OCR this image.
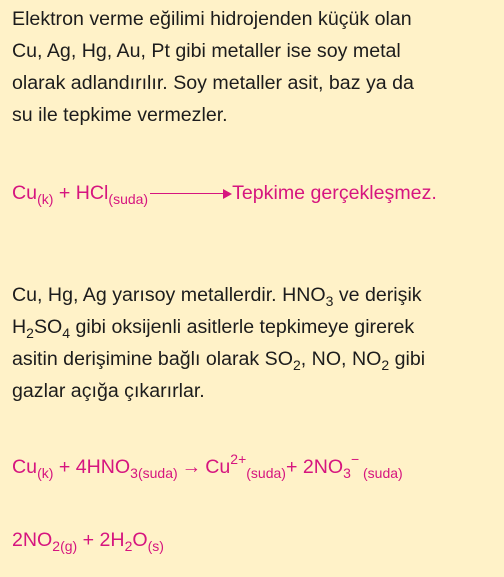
Elektron verme eğilimi hidrojenden küçük olan
Cu, Ag, Hg, Au, Pt gibi metaller ise soy metal
olarak adlandırılır. Soy metaller asit, baz ya da
su ile tepkime vermezler.
$Cu_{(k)} + HCl_{(suda)}$	Tepkime gerçekleşmez.
Cu, Hg, Ag yarısoy metallerdir. $HNO_3$ ve derişik
$H_2SO_4$ gibi oksijenli asitlerle tepkimeye girerek
asitin derişimine bağlı olarak $SO_2$, NO, $NO_2$ gibi
gazlar açığa çıkarırlar.
$Cu_{(k)} + 4HNO_{3(suda)} \to Cu^{2+}_{(suda)}+ 2NO_3^-$ $_{(suda)}$
$2NO_{2(g)} + 2H_2O_{(s)}$
